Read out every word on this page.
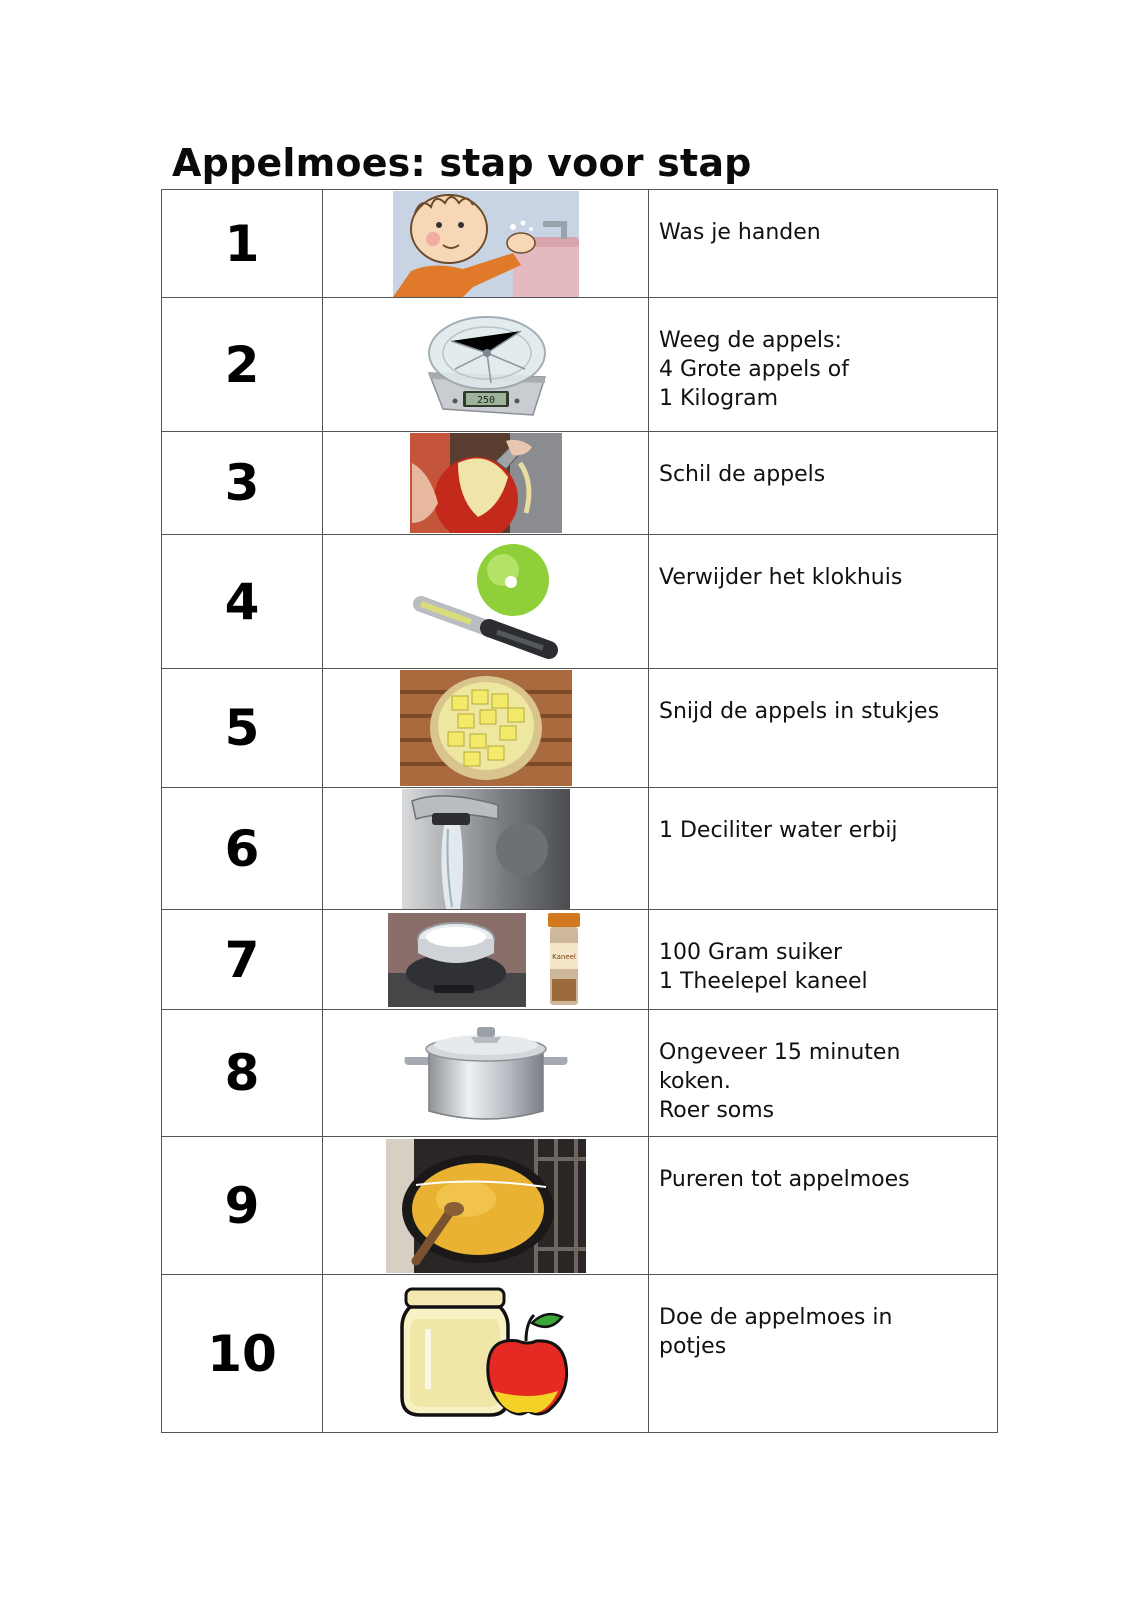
Appelmoes: stap voor stap
1		Was je handen
2	250	Weeg de appels:
4 Grote appels of
1 Kilogram
3		Schil de appels
4		Verwijder het klokhuis
5		Snijd de appels in stukjes
6		1 Deciliter water erbij
7	Kaneel	100 Gram suiker
1 Theelepel kaneel
8		Ongeveer 15 minuten
koken.
Roer soms
9		Pureren tot appelmoes
10		Doe de appelmoes in
potjes
